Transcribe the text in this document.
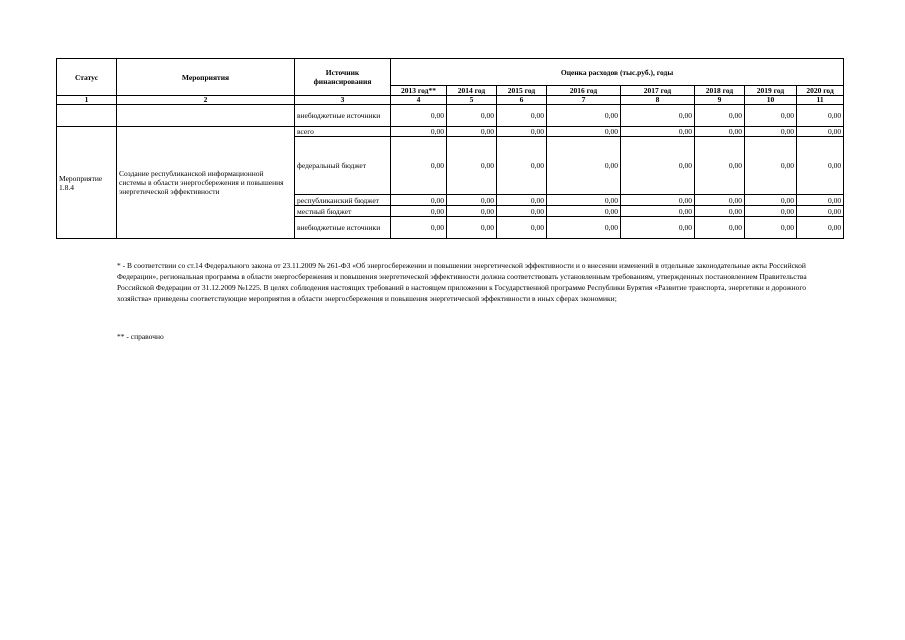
Статус	Мероприятия	Источник финансирования	Оценка расходов (тыс.руб.), годы							
			2013 год**	2014 год	2015 год	2016 год	2017 год	2018 год	2019 год	2020 год
1	2	3	4	5	6	7	8	9	10	11
		внебюджетные источники	0,00	0,00	0,00	0,00	0,00	0,00	0,00	0,00
Мероприятие 1.8.4	Создание республиканской информационной системы в области энергосбережения и повышения энергетической эффективности	всего	0,00	0,00	0,00	0,00	0,00	0,00	0,00	0,00
		федеральный бюджет	0,00	0,00	0,00	0,00	0,00	0,00	0,00	0,00
		республиканский бюджет	0,00	0,00	0,00	0,00	0,00	0,00	0,00	0,00
		местный бюджет	0,00	0,00	0,00	0,00	0,00	0,00	0,00	0,00
		внебюджетные источники	0,00	0,00	0,00	0,00	0,00	0,00	0,00	0,00
* - В соответствии со ст.14 Федерального закона от 23.11.2009 № 261-ФЗ «Об энергосбережении и повышении энергетической эффективности и о внесении изменений в отдельные законодательные акты Российской Федерации», региональная программа в области энергосбережения и повышения энергетической эффективности должна соответствовать установленным требованиям, утвержденных постановлением Правительства Российской Федерации от 31.12.2009 №1225. В целях соблюдения настоящих требований в настоящем приложении к Государственной программе Республики Бурятия «Развитие транспорта, энергетики и дорожного хозяйства» приведены соответствующие мероприятия в области энергосбережения и повышения энергетической эффективности в иных сферах экономики;
** - справочно
